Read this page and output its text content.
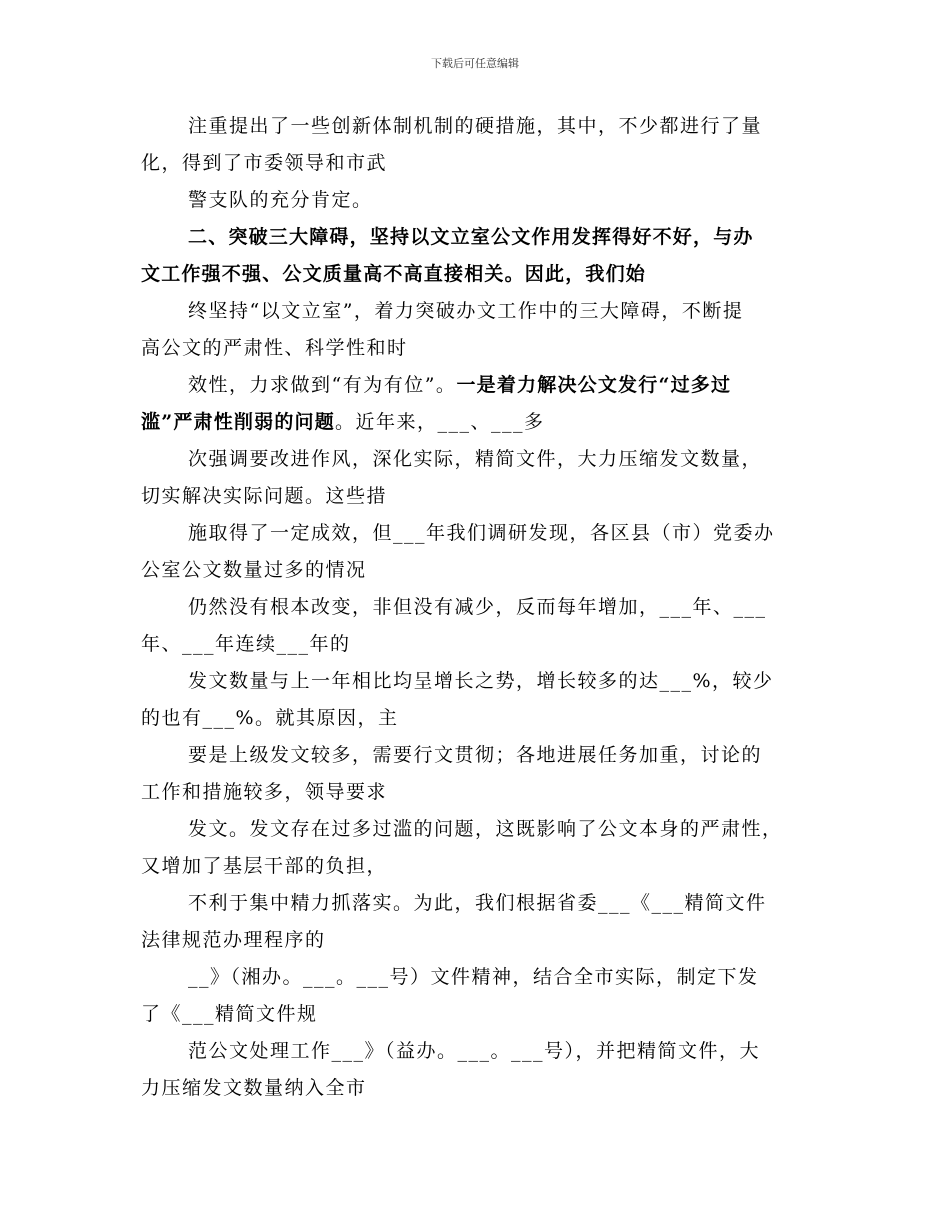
下载后可任意编辑
注重提出了一些创新体制机制的硬措施，其中，不少都进行了量
化，得到了市委领导和市武
警支队的充分肯定。
二、突破三大障碍，坚持以文立室公文作用发挥得好不好，与办
文工作强不强、公文质量高不高直接相关。因此，我们始
终坚持“以文立室”，着力突破办文工作中的三大障碍，不断提
高公文的严肃性、科学性和时
效性，力求做到“有为有位”。一是着力解决公文发行“过多过
滥”严肃性削弱的问题。近年来，___、___多
次强调要改进作风，深化实际，精简文件，大力压缩发文数量，
切实解决实际问题。这些措
施取得了一定成效，但___年我们调研发现，各区县（市）党委办
公室公文数量过多的情况
仍然没有根本改变，非但没有减少，反而每年增加，___年、___
年、___年连续___年的
发文数量与上一年相比均呈增长之势，增长较多的达___%，较少
的也有___%。就其原因，主
要是上级发文较多，需要行文贯彻；各地进展任务加重，讨论的
工作和措施较多，领导要求
发文。发文存在过多过滥的问题，这既影响了公文本身的严肃性，
又增加了基层干部的负担，
不利于集中精力抓落实。为此，我们根据省委___《___精简文件
法律规范办理程序的
__》（湘办。___。___号）文件精神，结合全市实际，制定下发
了《___精简文件规
范公文处理工作___》（益办。___。___号），并把精简文件，大
力压缩发文数量纳入全市
